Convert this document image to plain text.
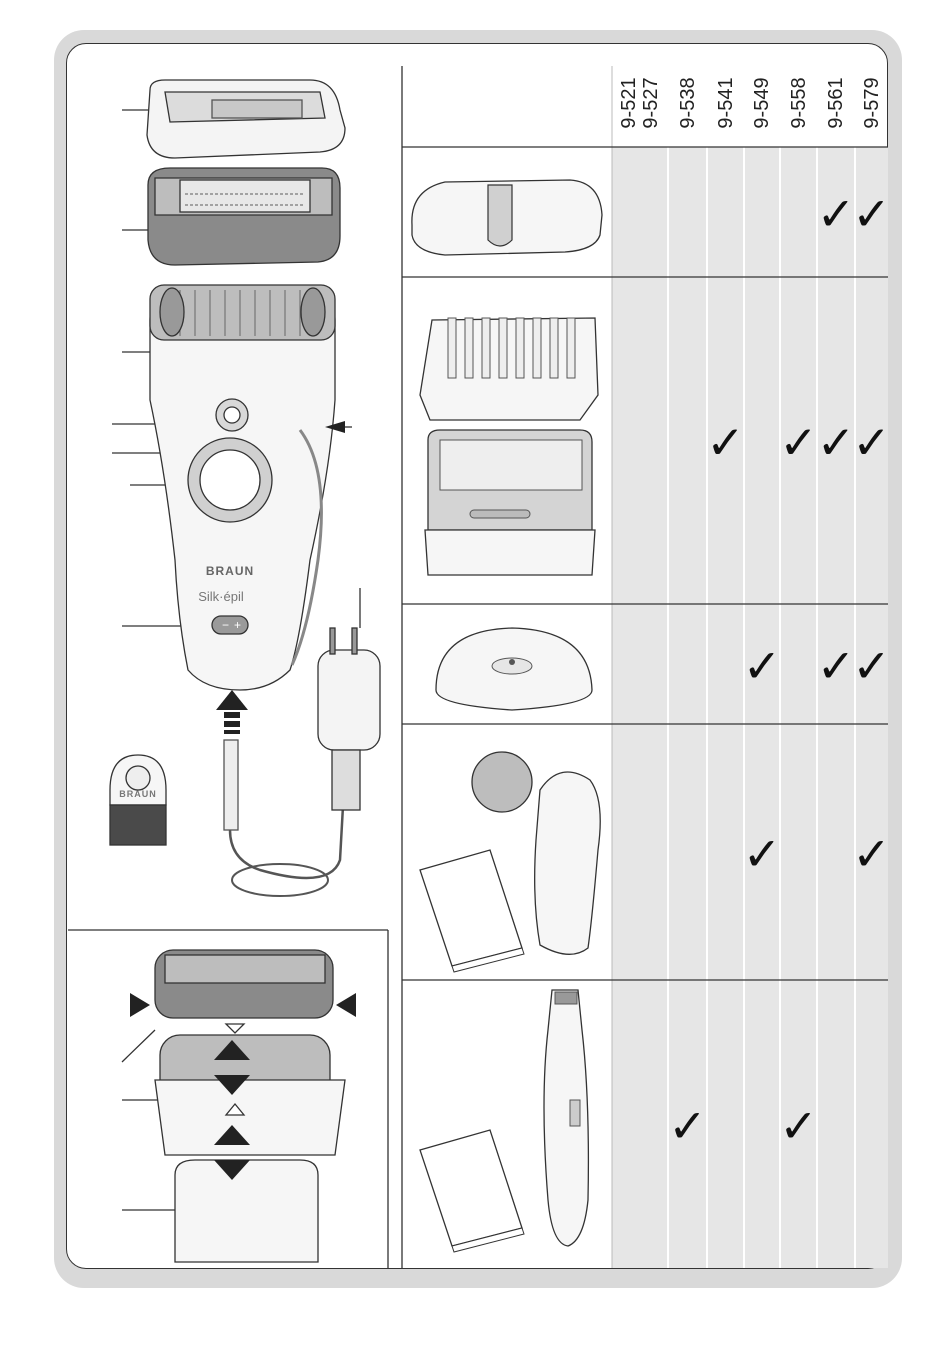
− +
BRAUN
Silk·épil
BRAUN
✓
✓
✓ ✓
✓
✓
✓ ✓
✓
✓ ✓
✓ ✓
9-521 9-527 9-538 9-541 9-549 9-558 9-561 9-579
